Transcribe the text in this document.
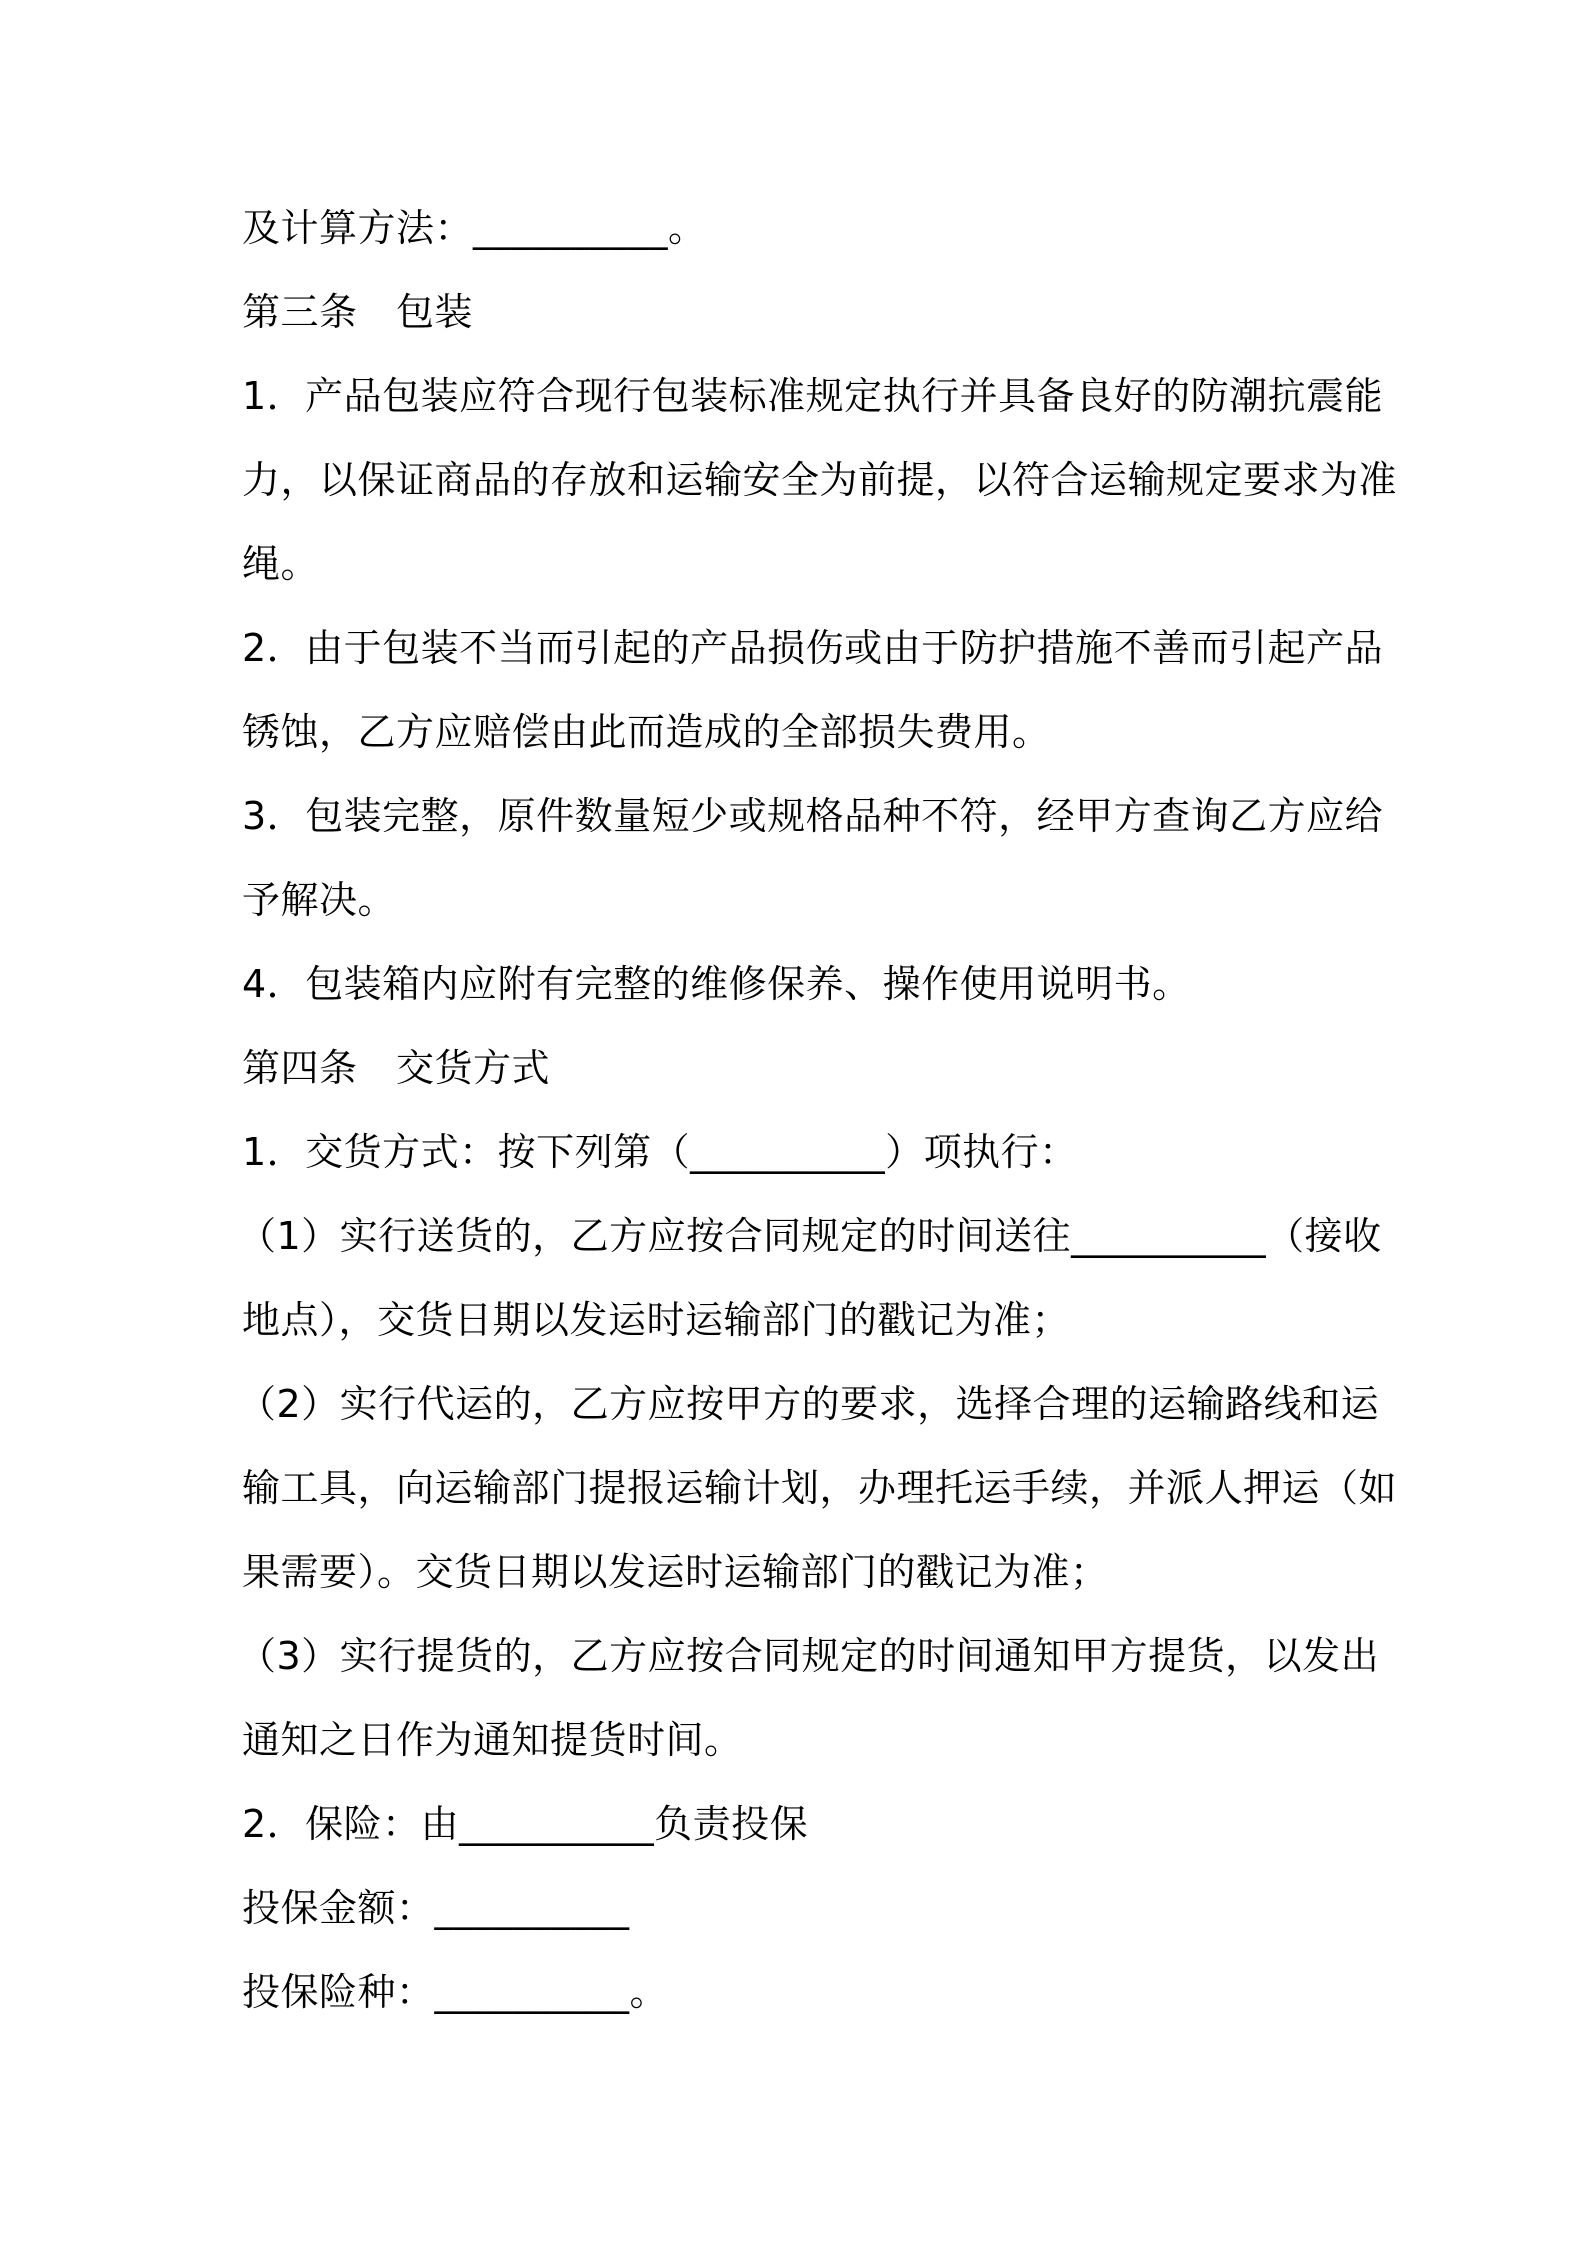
及计算方法：__________。

第三条　包装

1．产品包装应符合现行包装标准规定执行并具备良好的防潮抗震能

力，以保证商品的存放和运输安全为前提，以符合运输规定要求为准

绳。

2．由于包装不当而引起的产品损伤或由于防护措施不善而引起产品

锈蚀，乙方应赔偿由此而造成的全部损失费用。

3．包装完整，原件数量短少或规格品种不符，经甲方查询乙方应给

予解决。

4．包装箱内应附有完整的维修保养、操作使用说明书。

第四条　交货方式

1．交货方式：按下列第（__________）项执行：

（1）实行送货的，乙方应按合同规定的时间送往__________（接收

地点），交货日期以发运时运输部门的戳记为准；

（2）实行代运的，乙方应按甲方的要求，选择合理的运输路线和运

输工具，向运输部门提报运输计划，办理托运手续，并派人押运（如

果需要）。交货日期以发运时运输部门的戳记为准；

（3）实行提货的，乙方应按合同规定的时间通知甲方提货，以发出

通知之日作为通知提货时间。

2．保险：由__________负责投保

投保金额：__________

投保险种：__________。
